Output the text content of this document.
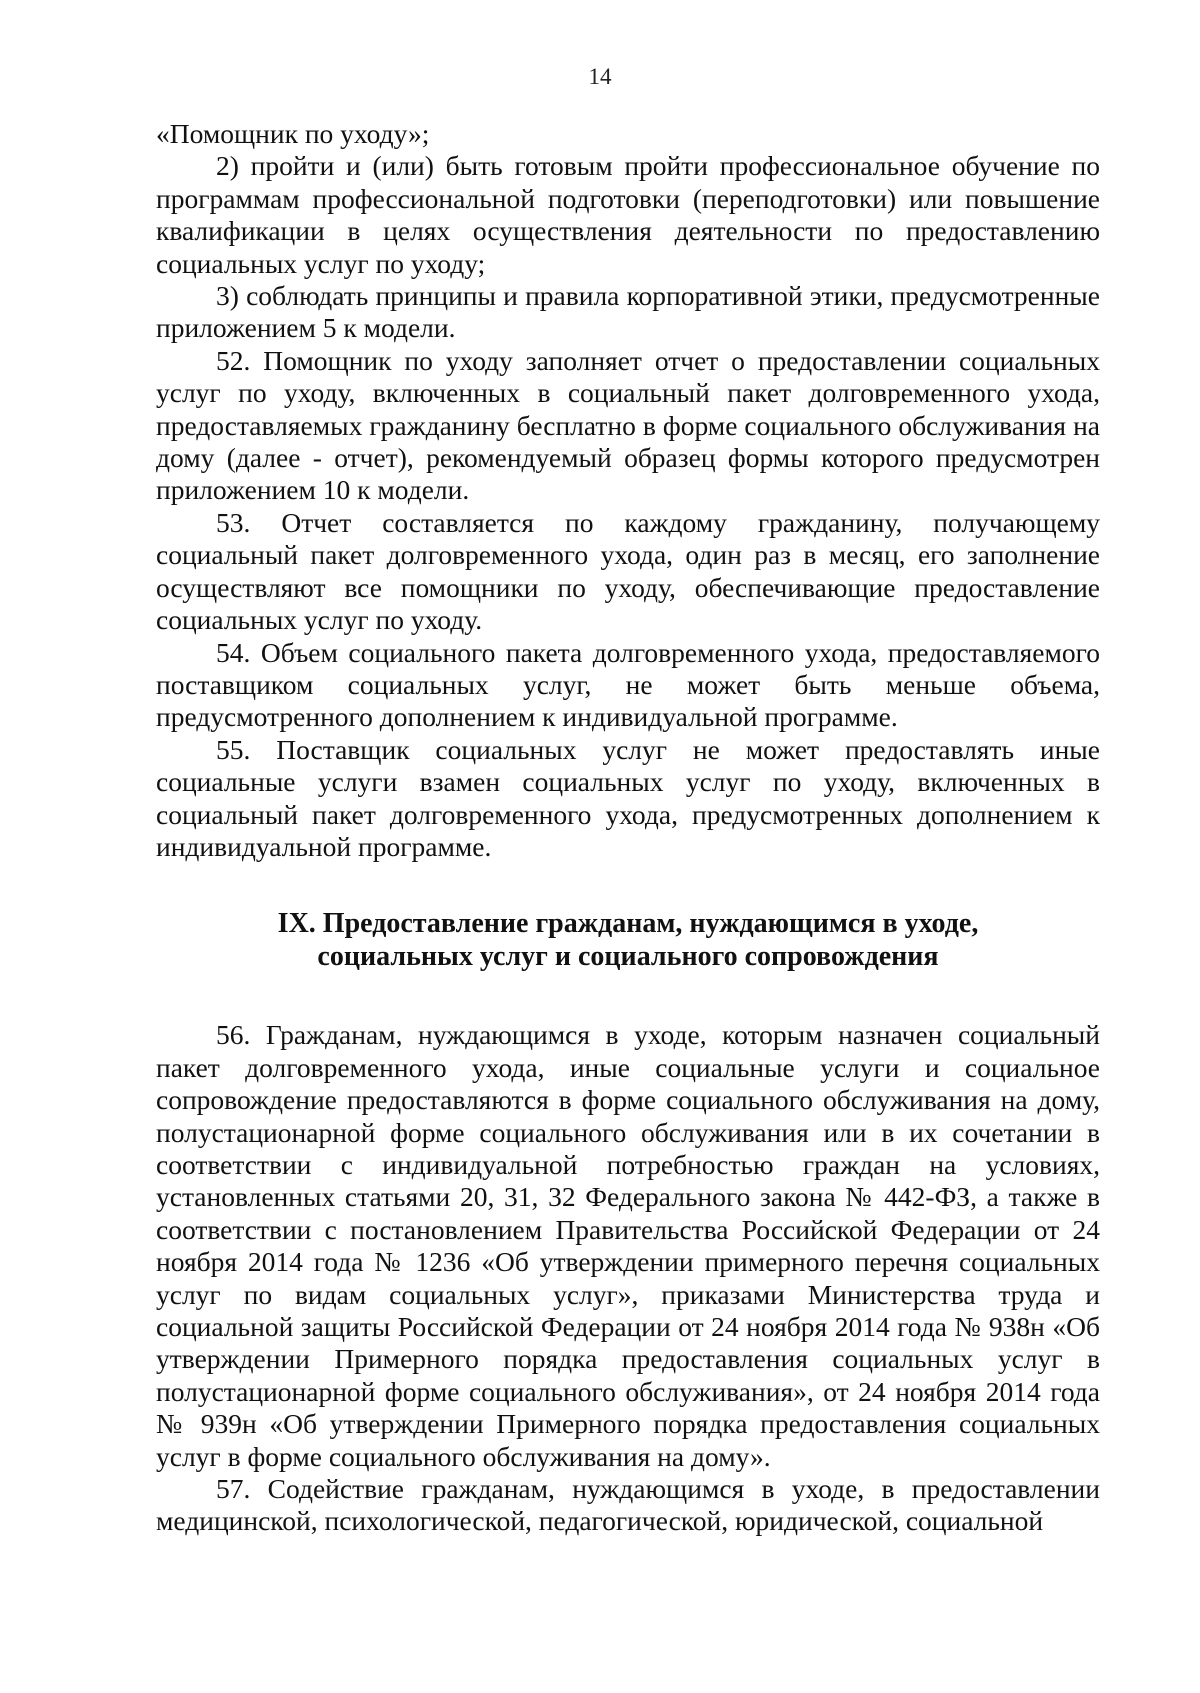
14

«Помощник по уходу»;

2) пройти и (или) быть готовым пройти профессиональное обучение по программам профессиональной подготовки (переподготовки) или повышение квалификации в целях осуществления деятельности по предоставлению социальных услуг по уходу;

3) соблюдать принципы и правила корпоративной этики, предусмотренные приложением 5 к модели.

52. Помощник по уходу заполняет отчет о предоставлении социальных услуг по уходу, включенных в социальный пакет долговременного ухода, предоставляемых гражданину бесплатно в форме социального обслуживания на дому (далее - отчет), рекомендуемый образец формы которого предусмотрен приложением 10 к модели.

53. Отчет составляется по каждому гражданину, получающему социальный пакет долговременного ухода, один раз в месяц, его заполнение осуществляют все помощники по уходу, обеспечивающие предоставление социальных услуг по уходу.

54. Объем социального пакета долговременного ухода, предоставляемого поставщиком социальных услуг, не может быть меньше объема, предусмотренного дополнением к индивидуальной программе.

55. Поставщик социальных услуг не может предоставлять иные социальные услуги взамен социальных услуг по уходу, включенных в социальный пакет долговременного ухода, предусмотренных дополнением к индивидуальной программе.

IX. Предоставление гражданам, нуждающимся в уходе,
социальных услуг и социального сопровождения

56. Гражданам, нуждающимся в уходе, которым назначен социальный пакет долговременного ухода, иные социальные услуги и социальное сопровождение предоставляются в форме социального обслуживания на дому, полустационарной форме социального обслуживания или в их сочетании в соответствии с индивидуальной потребностью граждан на условиях, установленных статьями 20, 31, 32 Федерального закона № 442-ФЗ, а также в соответствии с постановлением Правительства Российской Федерации от 24 ноября 2014 года № 1236 «Об утверждении примерного перечня социальных услуг по видам социальных услуг», приказами Министерства труда и социальной защиты Российской Федерации от 24 ноября 2014 года № 938н «Об утверждении Примерного порядка предоставления социальных услуг в полустационарной форме социального обслуживания», от 24 ноября 2014 года № 939н «Об утверждении Примерного порядка предоставления социальных услуг в форме социального обслуживания на дому».

57. Содействие гражданам, нуждающимся в уходе, в предоставлении медицинской, психологической, педагогической, юридической, социальной
